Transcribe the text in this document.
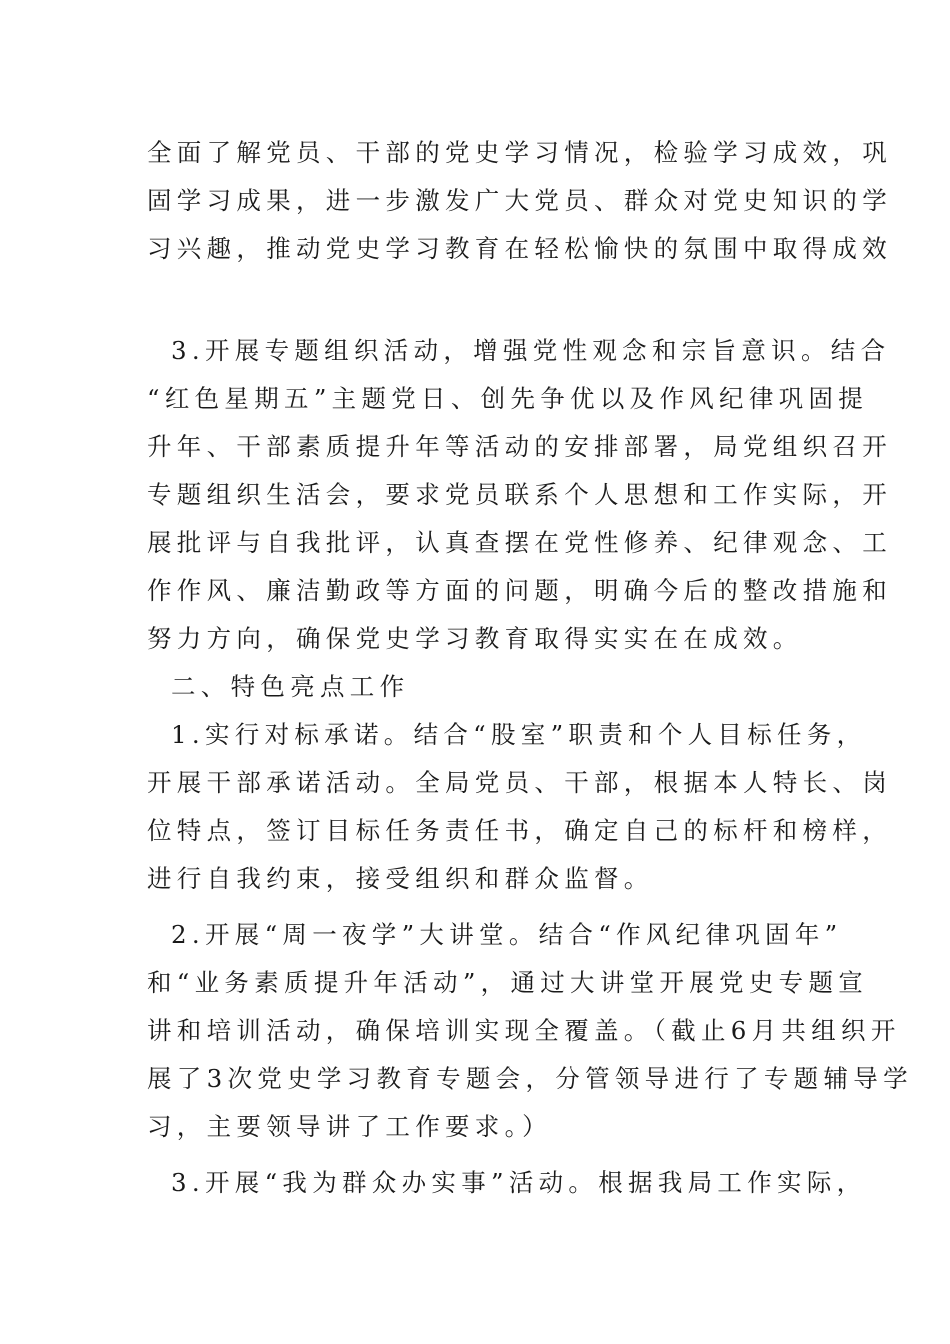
全面了解党员、干部的党史学习情况，检验学习成效，巩
固学习成果，进一步激发广大党员、群众对党史知识的学
习兴趣，推动党史学习教育在轻松愉快的氛围中取得成效
3.开展专题组织活动，增强党性观念和宗旨意识。结合
“红色星期五”主题党日、创先争优以及作风纪律巩固提
升年、干部素质提升年等活动的安排部署，局党组织召开
专题组织生活会，要求党员联系个人思想和工作实际，开
展批评与自我批评，认真查摆在党性修养、纪律观念、工
作作风、廉洁勤政等方面的问题，明确今后的整改措施和
努力方向，确保党史学习教育取得实实在在成效。
二、特色亮点工作
1.实行对标承诺。结合“股室”职责和个人目标任务，
开展干部承诺活动。全局党员、干部，根据本人特长、岗
位特点，签订目标任务责任书，确定自己的标杆和榜样，
进行自我约束，接受组织和群众监督。
2.开展“周一夜学”大讲堂。结合“作风纪律巩固年”
和“业务素质提升年活动”，通过大讲堂开展党史专题宣
讲和培训活动，确保培训实现全覆盖。（截止6月共组织开
展了3次党史学习教育专题会，分管领导进行了专题辅导学
习，主要领导讲了工作要求。）
3.开展“我为群众办实事”活动。根据我局工作实际，
